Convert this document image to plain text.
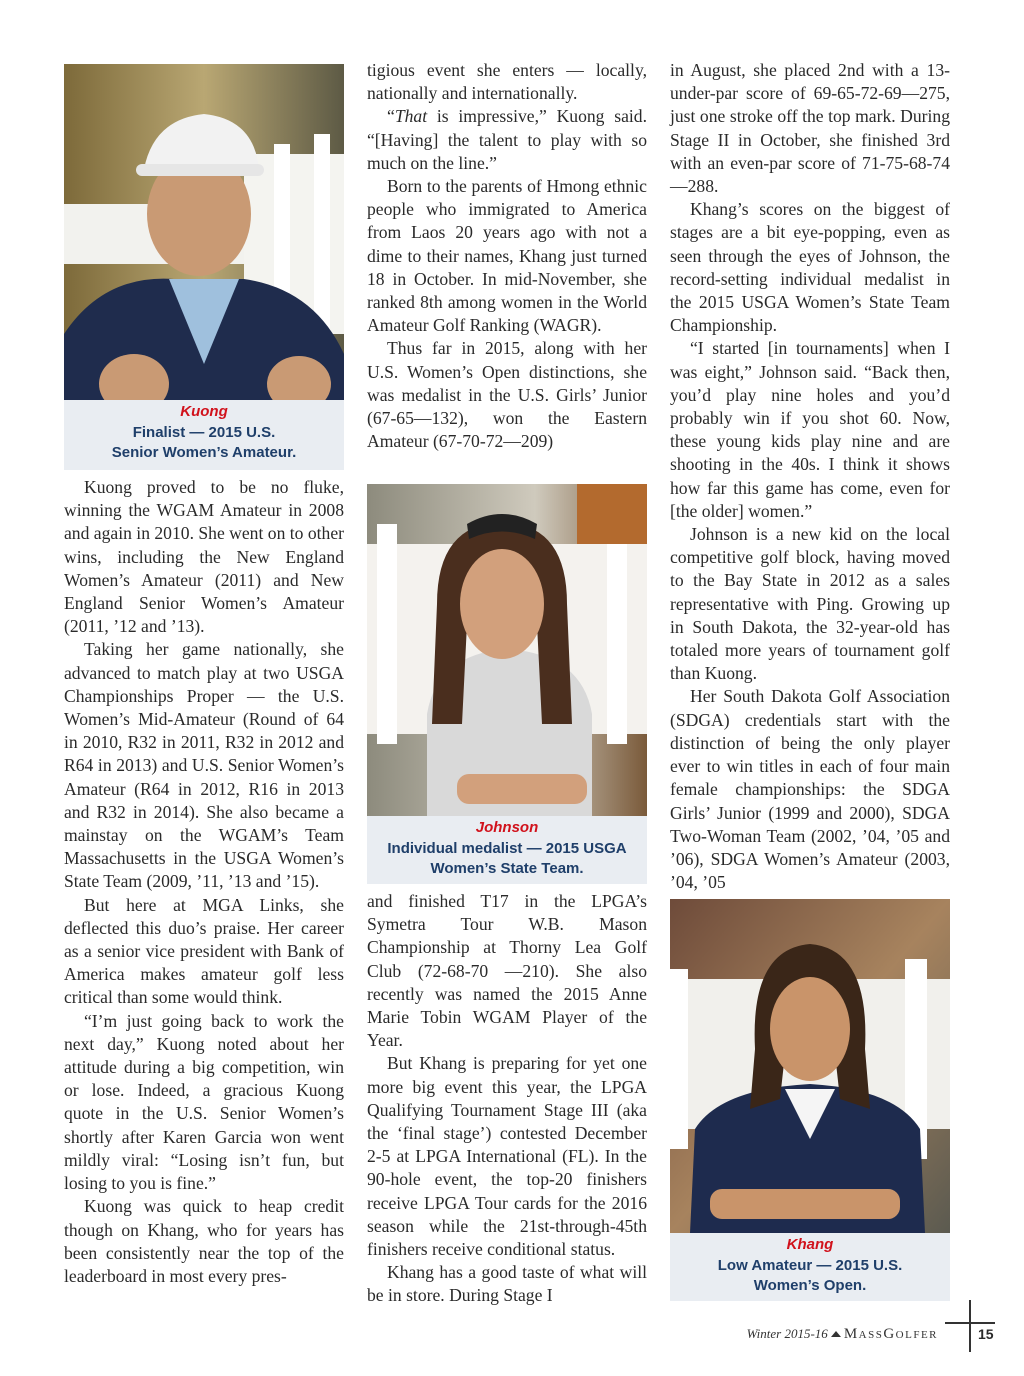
Kuong
Finalist — 2015 U.S.
Senior Women’s Amateur.

Kuong proved to be no fluke, winning the WGAM Amateur in 2008 and again in 2010. She went on to other wins, including the New England Women’s Amateur (2011) and New England Senior Women’s Amateur (2011, ’12 and ’13).

Taking her game nationally, she advanced to match play at two USGA Championships Proper — the U.S. Women’s Mid-Amateur (Round of 64 in 2010, R32 in 2011, R32 in 2012 and R64 in 2013) and U.S. Senior Women’s Amateur (R64 in 2012, R16 in 2013 and R32 in 2014). She also became a mainstay on the WGAM’s Team Massachusetts in the USGA Women’s State Team (2009, ’11, ’13 and ’15).

But here at MGA Links, she deflected this duo’s praise. Her career as a senior vice president with Bank of America makes amateur golf less critical than some would think.

“I’m just going back to work the next day,” Kuong noted about her attitude during a big competition, win or lose. Indeed, a gracious Kuong quote in the U.S. Senior Women’s shortly after Karen Garcia won went mildly viral: “Losing isn’t fun, but losing to you is fine.”

Kuong was quick to heap credit though on Khang, who for years has been consistently near the top of the leaderboard in most every pres-

tigious event she enters — locally, nationally and internationally.

“That is impressive,” Kuong said. “[Having] the talent to play with so much on the line.”

Born to the parents of Hmong ethnic people who immigrated to America from Laos 20 years ago with not a dime to their names, Khang just turned 18 in October. In mid-November, she ranked 8th among women in the World Amateur Golf Ranking (WAGR).

Thus far in 2015, along with her U.S. Women’s Open distinctions, she was medalist in the U.S. Girls’ Junior (67-65—132), won the Eastern Amateur (67-70-72—209)

Johnson
Individual medalist — 2015 USGA
Women’s State Team.

and finished T17 in the LPGA’s Symetra Tour W.B. Mason Championship at Thorny Lea Golf Club (72-68-70 —210). She also recently was named the 2015 Anne Marie Tobin WGAM Player of the Year.

But Khang is preparing for yet one more big event this year, the LPGA Qualifying Tournament Stage III (aka the ‘final stage’) contested December 2-5 at LPGA International (FL). In the 90-hole event, the top-20 finishers receive LPGA Tour cards for the 2016 season while the 21st-through-45th finishers receive conditional status.

Khang has a good taste of what will be in store. During Stage I

in August, she placed 2nd with a 13-under-par score of 69-65-72-69—275, just one stroke off the top mark. During Stage II in October, she finished 3rd with an even-par score of 71-75-68-74—288.

Khang’s scores on the biggest of stages are a bit eye-popping, even as seen through the eyes of Johnson, the record-setting individual medalist in the 2015 USGA Women’s State Team Championship.

“I started [in tournaments] when I was eight,” Johnson said. “Back then, you’d play nine holes and you’d probably win if you shot 60. Now, these young kids play nine and are shooting in the 40s. I think it shows how far this game has come, even for [the older] women.”

Johnson is a new kid on the local competitive golf block, having moved to the Bay State in 2012 as a sales representative with Ping. Growing up in South Dakota, the 32-year-old has totaled more years of tournament golf than Kuong.

Her South Dakota Golf Association (SDGA) credentials start with the distinction of being the only player ever to win titles in each of four main female championships: the SDGA Girls’ Junior (1999 and 2000), SDGA Two-Woman Team (2002, ’04, ’05 and ’06), SDGA Women’s Amateur (2003, ’04, ’05

Khang
Low Amateur — 2015 U.S.
Women’s Open.
Winter 2015-16 MassGolfer	15
